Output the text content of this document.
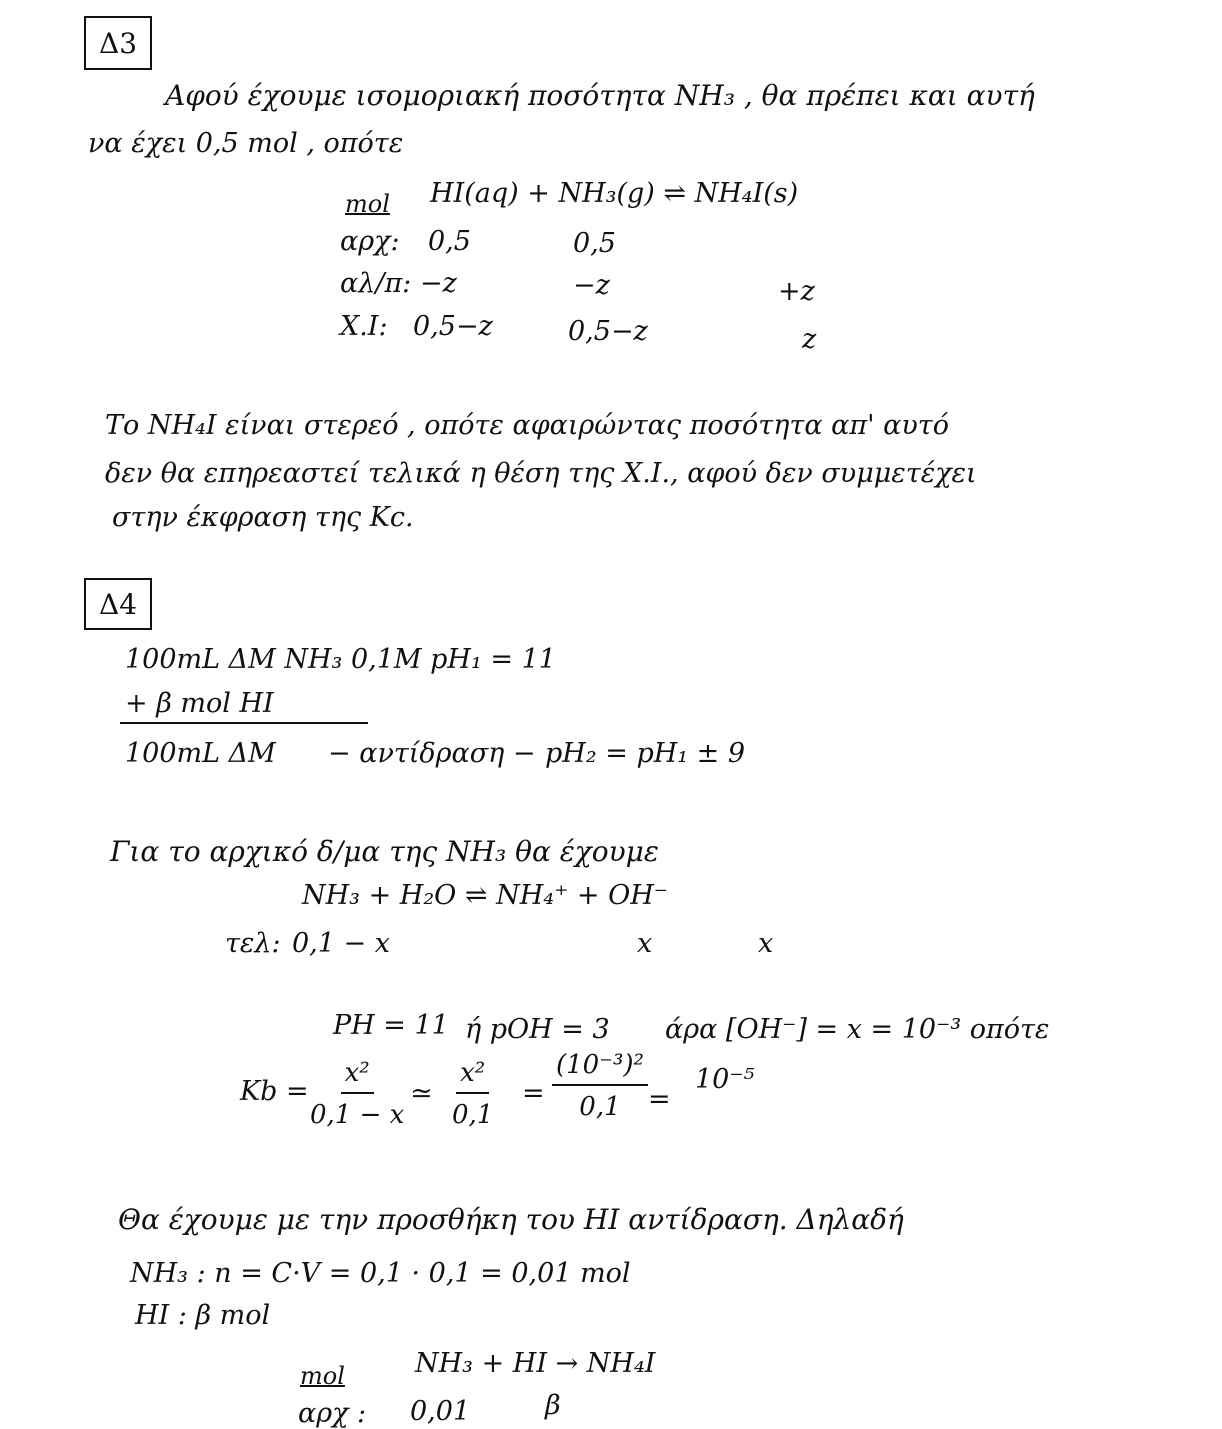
Δ3
Αφού έχουμε ισομοριακή ποσότητα NH₃ , θα πρέπει και αυτή
να έχει 0,5 mol , οπότε
mol HI(aq) + NH₃(g) ⇌ NH₄I(s)
αρχ: 0,5	0,5
αλ/π: −z	−z	+z
Χ.Ι: 0,5−z	0,5−z	z
Το NH₄I είναι στερεό , οπότε αφαιρώντας ποσότητα απ' αυτό
δεν θα επηρεαστεί τελικά η θέση της Χ.Ι., αφού δεν συμμετέχει
στην έκφραση της Kc.
Δ4
100mL ΔΜ NH₃ 0,1M pH₁ = 11
+ β mol HI
100mL ΔΜ − αντίδραση − pH₂ = pH₁ ± 9
Για το αρχικό δ/μα της NH₃ θα έχουμε
NH₃ + H₂O ⇌ NH₄⁺ + OH⁻
τελ: 0,1 − x	x	x
PH = 11 ή pOH = 3 άρα [OH⁻] = x = 10⁻³ οπότε
$Kb = \frac{\text{x²}}{0,1 - x}$ ≃ $\frac{\text{x²}}{0,1} = \frac{\text{(10⁻³)²}}{0,1}$ =
10⁻⁵
Θα έχουμε με την προσθήκη του HI αντίδραση. Δηλαδή
NH₃ : n = C·V = 0,1 · 0,1 = 0,01 mol
HI : β mol
mol	NH₃ + HI → NH₄I
αρχ : 0,01	β
